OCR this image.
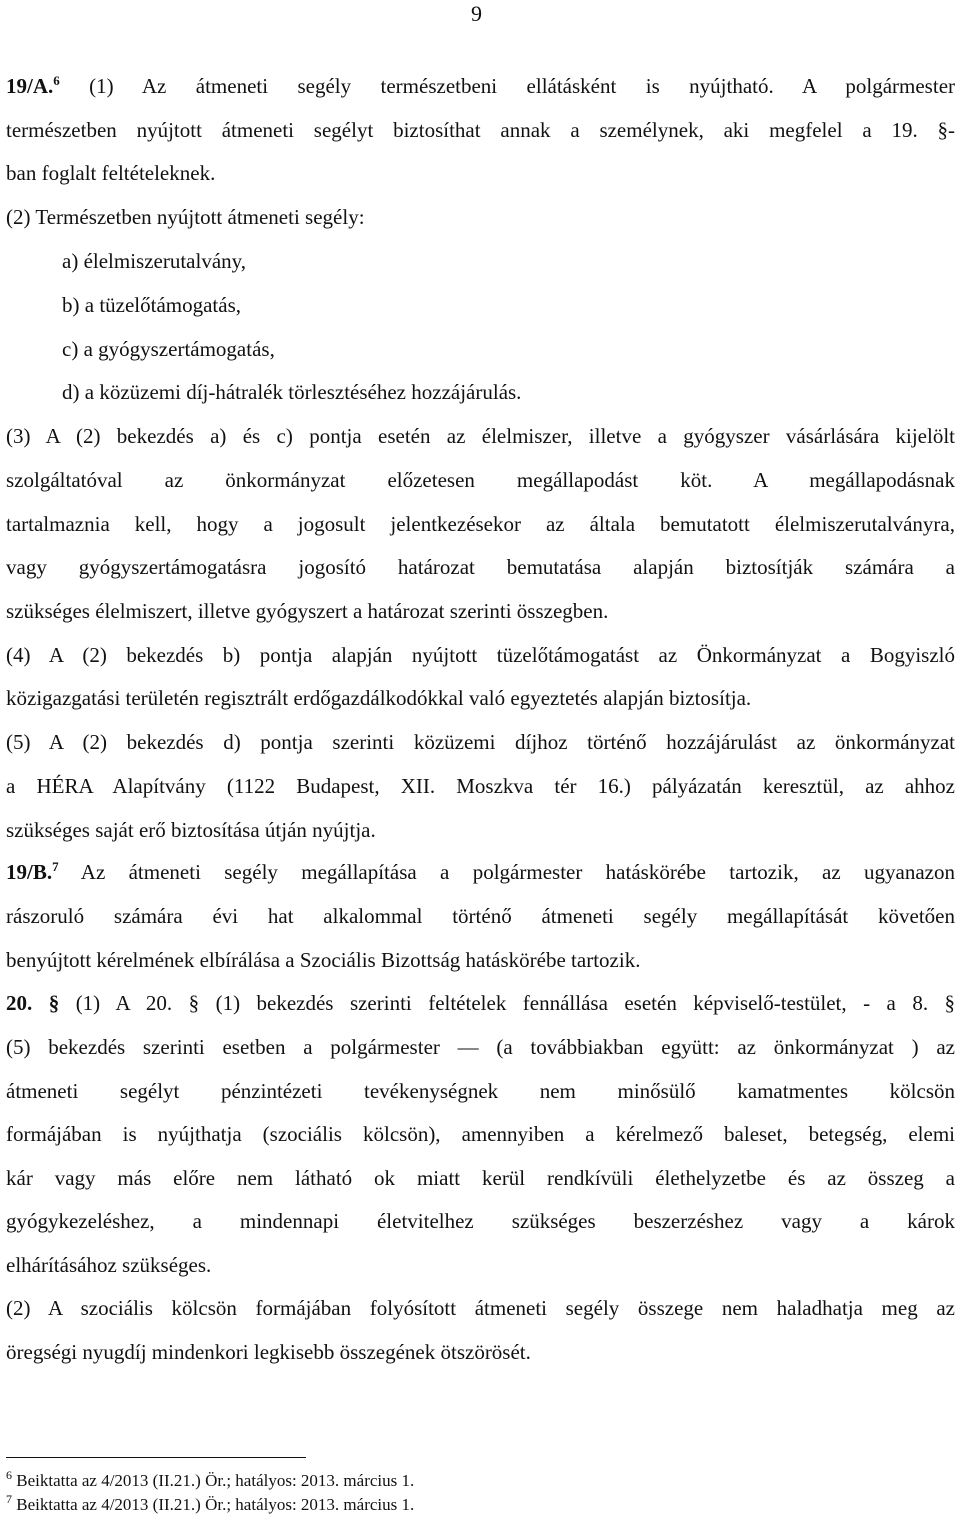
9
19/A.$^6$ (1) Az átmeneti segély természetbeni ellátásként is nyújtható. A polgármester
természetben nyújtott átmeneti segélyt biztosíthat annak a személynek, aki megfelel a 19. §-
ban foglalt feltételeknek.
(2) Természetben nyújtott átmeneti segély:
a) élelmiszerutalvány,
b) a tüzelőtámogatás,
c) a gyógyszertámogatás,
d) a közüzemi díj-hátralék törlesztéséhez hozzájárulás.
(3) A (2) bekezdés a) és c) pontja esetén az élelmiszer, illetve a gyógyszer vásárlására kijelölt
szolgáltatóval az önkormányzat előzetesen megállapodást köt. A megállapodásnak
tartalmaznia kell, hogy a jogosult jelentkezésekor az általa bemutatott élelmiszerutalványra,
vagy gyógyszertámogatásra jogosító határozat bemutatása alapján biztosítják számára a
szükséges élelmiszert, illetve gyógyszert a határozat szerinti összegben.
(4) A (2) bekezdés b) pontja alapján nyújtott tüzelőtámogatást az Önkormányzat a Bogyiszló
közigazgatási területén regisztrált erdőgazdálkodókkal való egyeztetés alapján biztosítja.
(5) A (2) bekezdés d) pontja szerinti közüzemi díjhoz történő hozzájárulást az önkormányzat
a HÉRA Alapítvány (1122 Budapest, XII. Moszkva tér 16.) pályázatán keresztül, az ahhoz
szükséges saját erő biztosítása útján nyújtja.
19/B.$^7$ Az átmeneti segély megállapítása a polgármester hatáskörébe tartozik, az ugyanazon
rászoruló számára évi hat alkalommal történő átmeneti segély megállapítását követően
benyújtott kérelmének elbírálása a Szociális Bizottság hatáskörébe tartozik.
20. § (1) A 20. § (1) bekezdés szerinti feltételek fennállása esetén képviselő-testület, - a 8. §
(5) bekezdés szerinti esetben a polgármester — (a továbbiakban együtt: az önkormányzat ) az
átmeneti segélyt pénzintézeti tevékenységnek nem minősülő kamatmentes kölcsön
formájában is nyújthatja (szociális kölcsön), amennyiben a kérelmező baleset, betegség, elemi
kár vagy más előre nem látható ok miatt kerül rendkívüli élethelyzetbe és az összeg a
gyógykezeléshez, a mindennapi életvitelhez szükséges beszerzéshez vagy a károk
elhárításához szükséges.
(2) A szociális kölcsön formájában folyósított átmeneti segély összege nem haladhatja meg az
öregségi nyugdíj mindenkori legkisebb összegének ötszörösét.
$^6$ Beiktatta az 4/2013 (II.21.) Ör.; hatályos: 2013. március 1.
$^7$ Beiktatta az 4/2013 (II.21.) Ör.; hatályos: 2013. március 1.
